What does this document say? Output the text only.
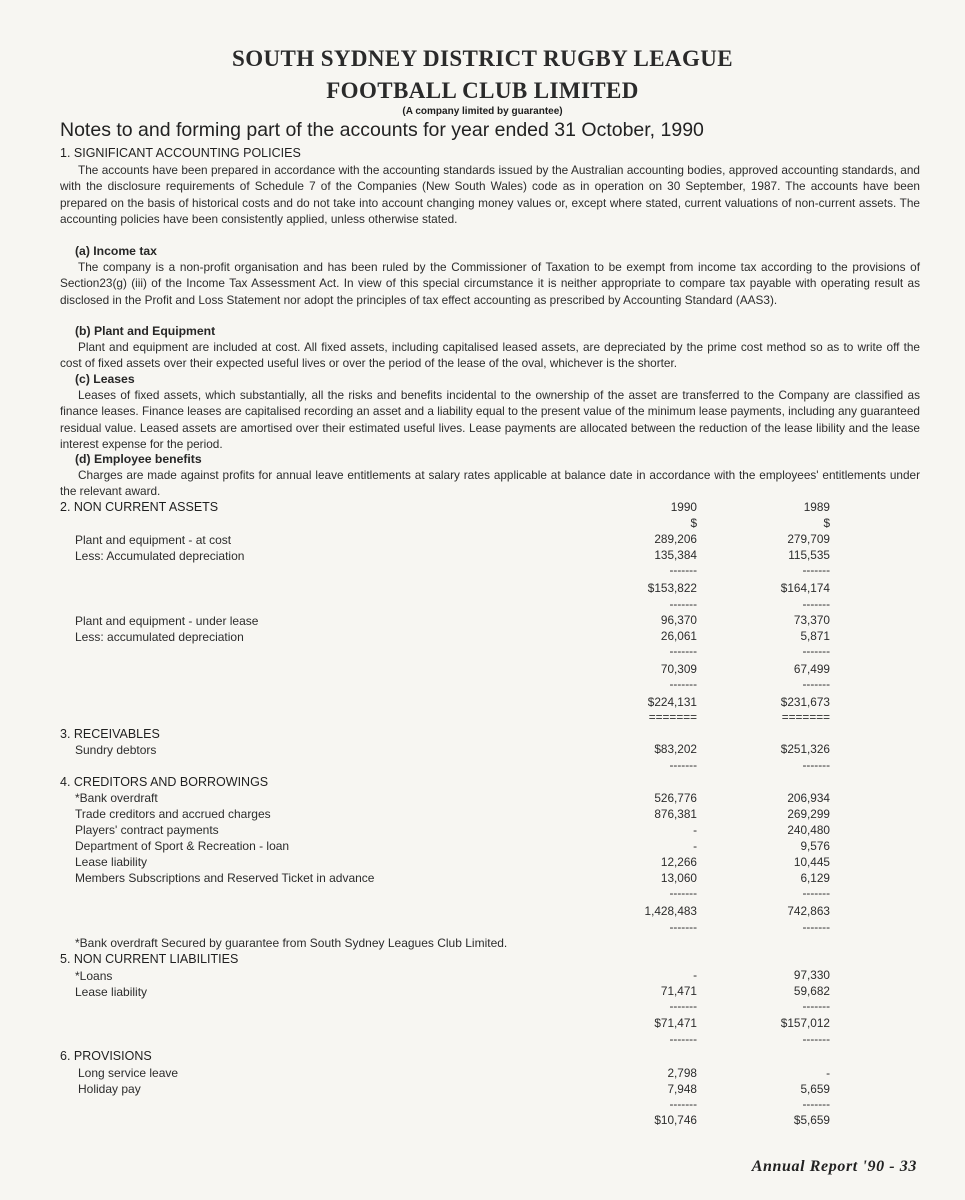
SOUTH SYDNEY DISTRICT RUGBY LEAGUE
FOOTBALL CLUB LIMITED
(A company limited by guarantee)
Notes to and forming part of the accounts for year ended 31 October, 1990
1. SIGNIFICANT ACCOUNTING POLICIES
The accounts have been prepared in accordance with the accounting standards issued by the Australian accounting bodies, approved accounting standards, and with the disclosure requirements of Schedule 7 of the Companies (New South Wales) code as in operation on 30 September, 1987. The accounts have been prepared on the basis of historical costs and do not take into account changing money values or, except where stated, current valuations of non-current assets. The accounting policies have been consistently applied, unless otherwise stated.
(a) Income tax
The company is a non-profit organisation and has been ruled by the Commissioner of Taxation to be exempt from income tax according to the provisions of Section23(g) (iii) of the Income Tax Assessment Act. In view of this special circumstance it is neither appropriate to compare tax payable with operating result as disclosed in the Profit and Loss Statement nor adopt the principles of tax effect accounting as prescribed by Accounting Standard (AAS3).
(b) Plant and Equipment
Plant and equipment are included at cost. All fixed assets, including capitalised leased assets, are depreciated by the prime cost method so as to write off the cost of fixed assets over their expected useful lives or over the period of the lease of the oval, whichever is the shorter.
(c) Leases
Leases of fixed assets, which substantially, all the risks and benefits incidental to the ownership of the asset are transferred to the Company are classified as finance leases. Finance leases are capitalised recording an asset and a liability equal to the present value of the minimum lease payments, including any guaranteed residual value. Leased assets are amortised over their estimated useful lives. Lease payments are allocated between the reduction of the lease libility and the lease interest expense for the period.
(d) Employee benefits
Charges are made against profits for annual leave entitlements at salary rates applicable at balance date in accordance with the employees' entitlements under the relevant award.
2. NON CURRENT ASSETS	1990	1989
$	$
Plant and equipment - at cost	289,206	279,709
Less: Accumulated depreciation	135,384	115,535
-------	-------
$153,822	$164,174
-------	-------
Plant and equipment - under lease	96,370	73,370
Less: accumulated depreciation	26,061	5,871
-------	-------
70,309	67,499
-------	-------
$224,131	$231,673
=======	=======
3. RECEIVABLES
Sundry debtors	$83,202	$251,326
-------	-------
4. CREDITORS AND BORROWINGS
*Bank overdraft	526,776	206,934
Trade creditors and accrued charges	876,381	269,299
Players' contract payments	-	240,480
Department of Sport & Recreation - loan	-	9,576
Lease liability	12,266	10,445
Members Subscriptions and Reserved Ticket in advance	13,060	6,129
-------	-------
1,428,483	742,863
-------	-------
*Bank overdraft Secured by guarantee from South Sydney Leagues Club Limited.
5. NON CURRENT LIABILITIES
*Loans	-	97,330
Lease liability	71,471	59,682
-------	-------
$71,471	$157,012
-------	-------
6. PROVISIONS
Long service leave	2,798	-
Holiday pay	7,948	5,659
-------	-------
$10,746	$5,659
Annual Report '90 - 33
